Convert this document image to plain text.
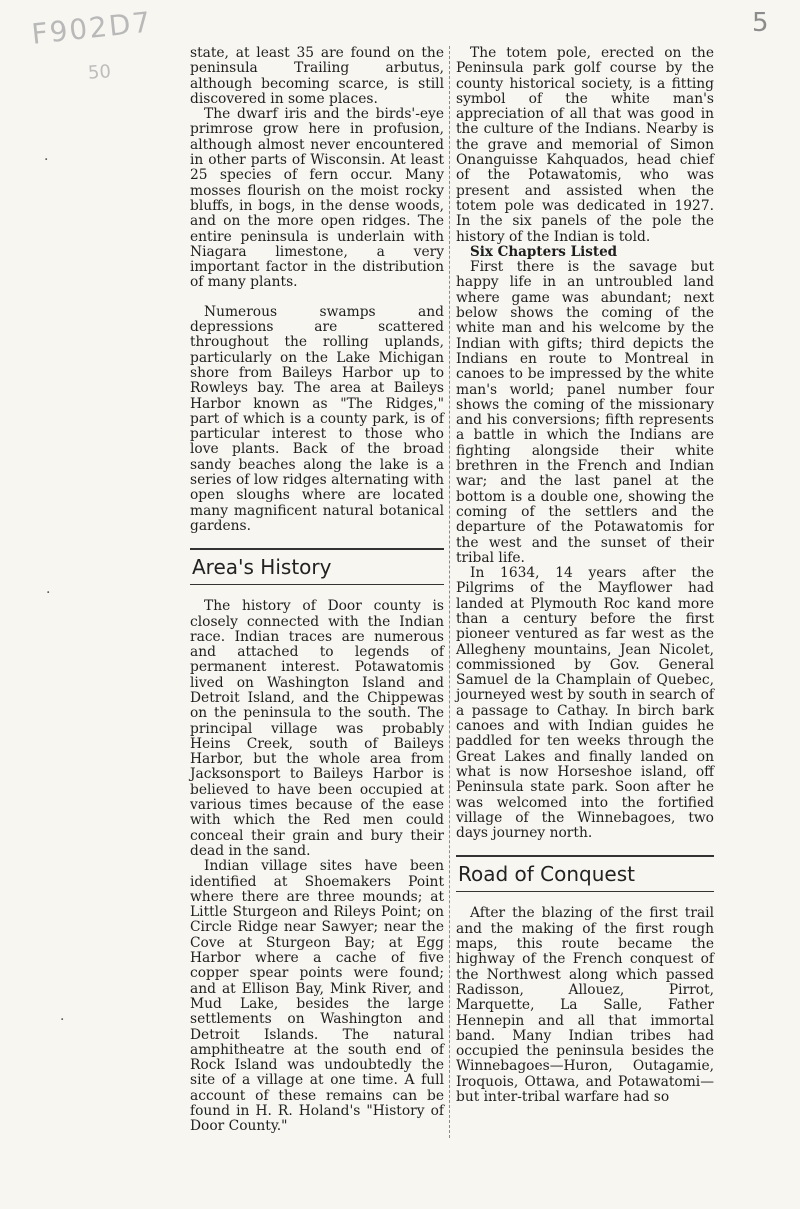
F902D7
50
5
·
·
·

state, at least 35 are found on the peninsula Trailing arbutus, although becoming scarce, is still discovered in some places.

The dwarf iris and the birds'-eye primrose grow here in profusion, although almost never encountered in other parts of Wisconsin. At least 25 species of fern occur. Many mosses flourish on the moist rocky bluffs, in bogs, in the dense woods, and on the more open ridges. The entire peninsula is underlain with Niagara limestone, a very important factor in the distribution of many plants.

Numerous swamps and depressions are scattered throughout the rolling uplands, particularly on the Lake Michigan shore from Baileys Harbor up to Rowleys bay. The area at Baileys Harbor known as "The Ridges," part of which is a county park, is of particular interest to those who love plants. Back of the broad sandy beaches along the lake is a series of low ridges alternating with open sloughs where are located many magnificent natural botanical gardens.

Area's History

The history of Door county is closely connected with the Indian race. Indian traces are numerous and attached to legends of permanent interest. Potawatomis lived on Washington Island and Detroit Island, and the Chippewas on the peninsula to the south. The principal village was probably Heins Creek, south of Baileys Harbor, but the whole area from Jacksonsport to Baileys Harbor is believed to have been occupied at various times because of the ease with which the Red men could conceal their grain and bury their dead in the sand.

Indian village sites have been identified at Shoemakers Point where there are three mounds; at Little Sturgeon and Rileys Point; on Circle Ridge near Sawyer; near the Cove at Sturgeon Bay; at Egg Harbor where a cache of five copper spear points were found; and at Ellison Bay, Mink River, and Mud Lake, besides the large settlements on Washington and Detroit Islands. The natural amphitheatre at the south end of Rock Island was undoubtedly the site of a village at one time. A full account of these remains can be found in H. R. Holand's "History of Door County."

The totem pole, erected on the Peninsula park golf course by the county historical society, is a fitting symbol of the white man's appreciation of all that was good in the culture of the Indians. Nearby is the grave and memorial of Simon Onanguisse Kahquados, head chief of the Potawatomis, who was present and assisted when the totem pole was dedicated in 1927. In the six panels of the pole the history of the Indian is told.

Six Chapters Listed

First there is the savage but happy life in an untroubled land where game was abundant; next below shows the coming of the white man and his welcome by the Indian with gifts; third depicts the Indians en route to Montreal in canoes to be impressed by the white man's world; panel number four shows the coming of the missionary and his conversions; fifth represents a battle in which the Indians are fighting alongside their white brethren in the French and Indian war; and the last panel at the bottom is a double one, showing the coming of the settlers and the departure of the Potawatomis for the west and the sunset of their tribal life.

In 1634, 14 years after the Pilgrims of the Mayflower had landed at Plymouth Roc kand more than a century before the first pioneer ventured as far west as the Allegheny mountains, Jean Nicolet, commissioned by Gov. General Samuel de la Champlain of Quebec, journeyed west by south in search of a passage to Cathay. In birch bark canoes and with Indian guides he paddled for ten weeks through the Great Lakes and finally landed on what is now Horseshoe island, off Peninsula state park. Soon after he was welcomed into the fortified village of the Winnebagoes, two days journey north.

Road of Conquest

After the blazing of the first trail and the making of the first rough maps, this route became the highway of the French conquest of the Northwest along which passed Radisson, Allouez, Pirrot, Marquette, La Salle, Father Hennepin and all that immortal band. Many Indian tribes had occupied the peninsula besides the Winnebagoes—Huron, Outagamie, Iroquois, Ottawa, and Potawatomi—but inter-tribal warfare had so
